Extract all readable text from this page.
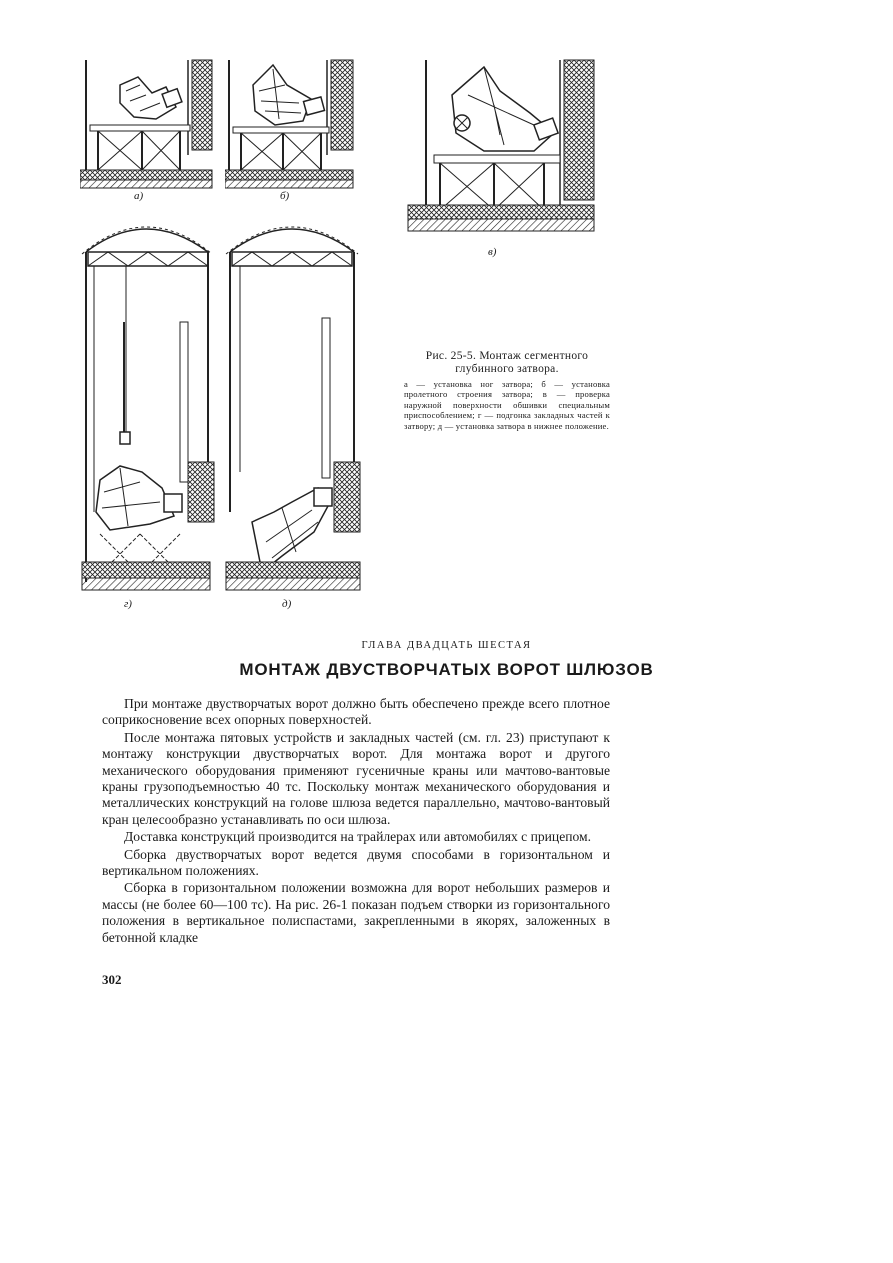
а)	б)
в)
г)	д)
Рис. 25-5. Монтаж сегментного глубинного затвора.
а — установка ног затвора; б — установка пролетного строения затвора; в — проверка наружной поверхности обшивки специальным приспособлением; г — подгонка закладных частей к затвору; д — установка затвора в нижнее положение.
ГЛАВА ДВАДЦАТЬ ШЕСТАЯ
МОНТАЖ ДВУСТВОРЧАТЫХ ВОРОТ ШЛЮЗОВ

При монтаже двустворчатых ворот должно быть обеспечено прежде всего плотное соприкосновение всех опорных поверхностей.

После монтажа пятовых устройств и закладных частей (см. гл. 23) приступают к монтажу конструкции двустворчатых ворот. Для монтажа ворот и другого механического оборудования применяют гусеничные краны или мачтово-вантовые краны грузоподъемностью 40 тс. Поскольку монтаж механического оборудования и металлических конструкций на голове шлюза ведется параллельно, мачтово-вантовый кран целесообразно устанавливать по оси шлюза.

Доставка конструкций производится на трайлерах или автомобилях с прицепом.

Сборка двустворчатых ворот ведется двумя способами в горизонтальном и вертикальном положениях.

Сборка в горизонтальном положении возможна для ворот небольших размеров и массы (не более 60—100 тс). На рис. 26-1 показан подъем створки из горизонтального положения в вертикальное полиспастами, закрепленными в якорях, заложенных в бетонной кладке

302
